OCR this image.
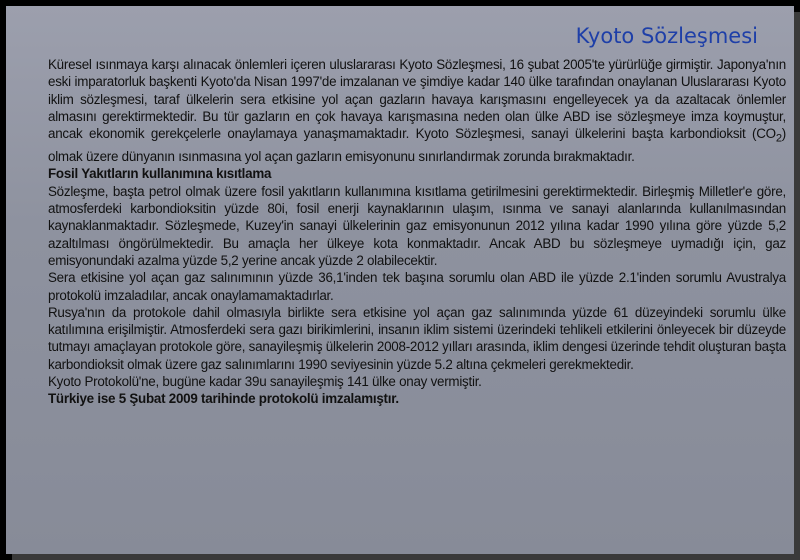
Kyoto Sözleşmesi

Küresel ısınmaya karşı alınacak önlemleri içeren uluslararası Kyoto Sözleşmesi, 16 şubat 2005'te yürürlüğe girmiştir. Japonya'nın eski imparatorluk başkenti Kyoto'da Nisan 1997'de imzalanan ve şimdiye kadar 140 ülke tarafından onaylanan Uluslararası Kyoto iklim sözleşmesi, taraf ülkelerin sera etkisine yol açan gazların havaya karışmasını engelleyecek ya da azaltacak önlemler almasını gerektirmektedir. Bu tür gazların en çok havaya karışmasına neden olan ülke ABD ise sözleşmeye imza koymuştur, ancak ekonomik gerekçelerle onaylamaya yanaşmamaktadır. Kyoto Sözleşmesi, sanayi ülkelerini başta karbondioksit $(CO_2)$ olmak üzere dünyanın ısınmasına yol açan gazların emisyonunu sınırlandırmak zorunda bırakmaktadır.

Fosil Yakıtların kullanımına kısıtlama

Sözleşme, başta petrol olmak üzere fosil yakıtların kullanımına kısıtlama getirilmesini gerektirmektedir. Birleşmiş Milletler'e göre, atmosferdeki karbondioksitin yüzde 80i, fosil enerji kaynaklarının ulaşım, ısınma ve sanayi alanlarında kullanılmasından kaynaklanmaktadır. Sözleşmede, Kuzey'in sanayi ülkelerinin gaz emisyonunun 2012 yılına kadar 1990 yılına göre yüzde 5,2 azaltılması öngörülmektedir. Bu amaçla her ülkeye kota konmaktadır. Ancak ABD bu sözleşmeye uymadığı için, gaz emisyonundaki azalma yüzde 5,2 yerine ancak yüzde 2 olabilecektir.

Sera etkisine yol açan gaz salınımının yüzde 36,1'inden tek başına sorumlu olan ABD ile yüzde 2.1'inden sorumlu Avustralya protokolü imzaladılar, ancak onaylamamaktadırlar.

Rusya'nın da protokole dahil olmasıyla birlikte sera etkisine yol açan gaz salınımında yüzde 61 düzeyindeki sorumlu ülke katılımına erişilmiştir. Atmosferdeki sera gazı birikimlerini, insanın iklim sistemi üzerindeki tehlikeli etkilerini önleyecek bir düzeyde tutmayı amaçlayan protokole göre, sanayileşmiş ülkelerin 2008-2012 yılları arasında, iklim dengesi üzerinde tehdit oluşturan başta karbondioksit olmak üzere gaz salınımlarını 1990 seviyesinin yüzde 5.2 altına çekmeleri gerekmektedir.

Kyoto Protokolü'ne, bugüne kadar 39u sanayileşmiş 141 ülke onay vermiştir.

Türkiye ise 5 Şubat 2009 tarihinde protokolü imzalamıştır.
